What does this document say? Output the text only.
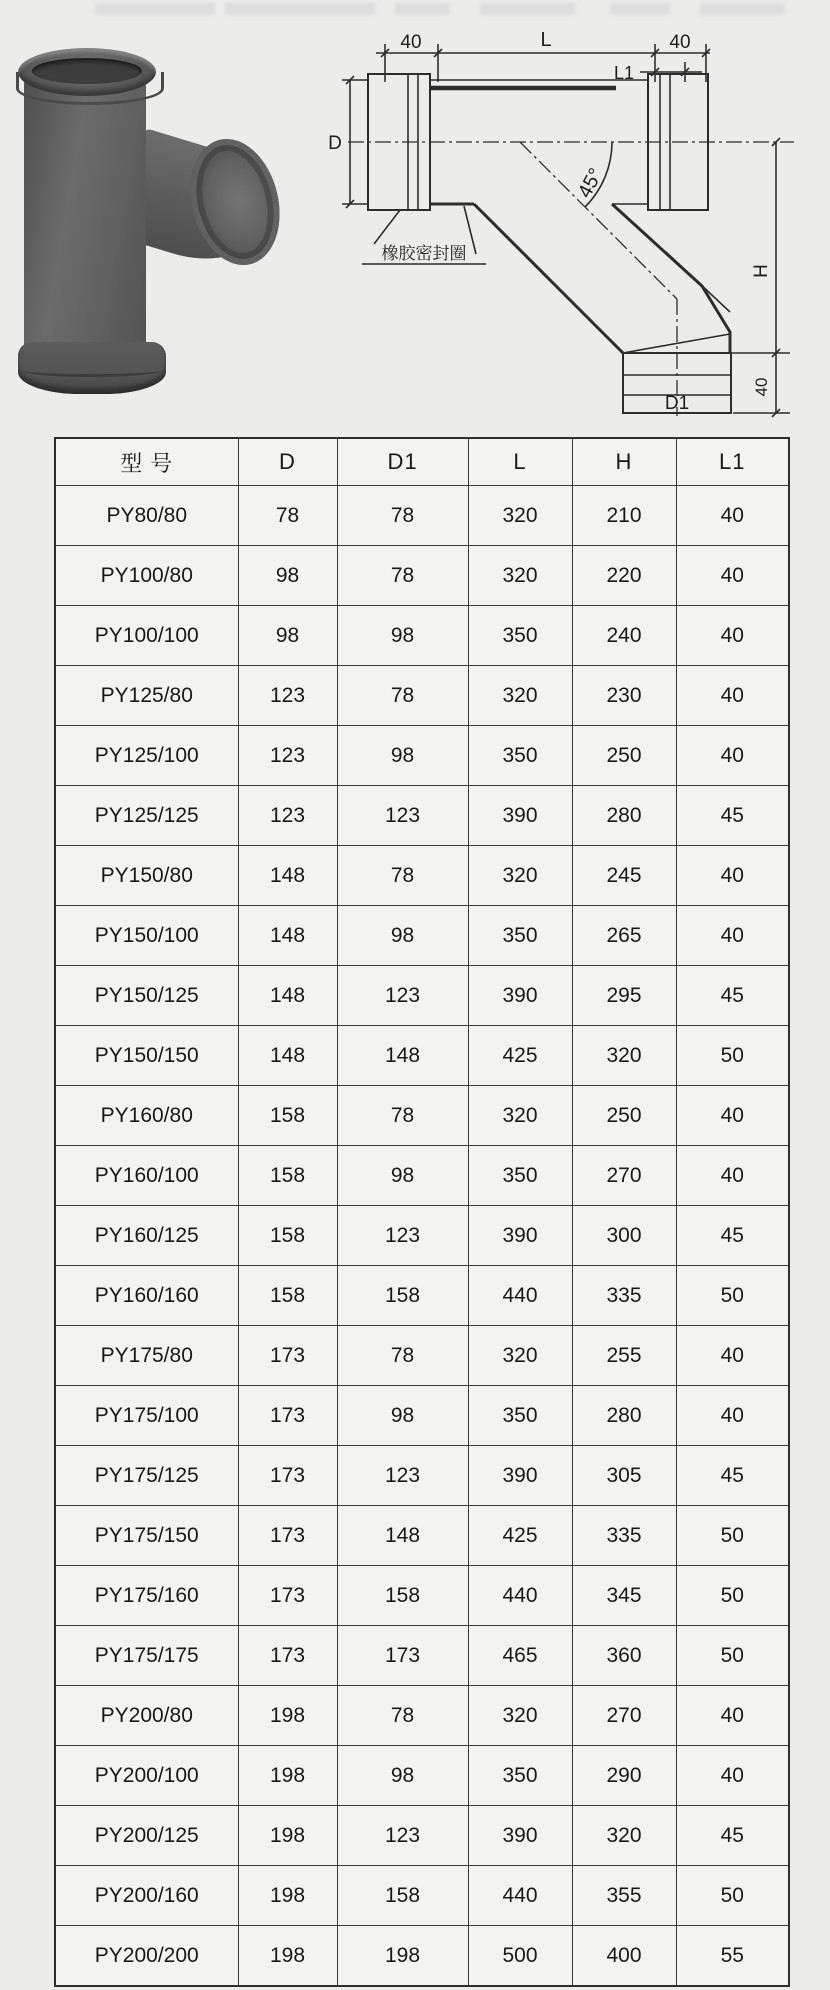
40	L	40
L1
D
45°
H
40
D1
橡胶密封圈
型 号	D	D1	L	H	L1
PY80/80	78	78	320	210	40
PY100/80	98	78	320	220	40
PY100/100	98	98	350	240	40
PY125/80	123	78	320	230	40
PY125/100	123	98	350	250	40
PY125/125	123	123	390	280	45
PY150/80	148	78	320	245	40
PY150/100	148	98	350	265	40
PY150/125	148	123	390	295	45
PY150/150	148	148	425	320	50
PY160/80	158	78	320	250	40
PY160/100	158	98	350	270	40
PY160/125	158	123	390	300	45
PY160/160	158	158	440	335	50
PY175/80	173	78	320	255	40
PY175/100	173	98	350	280	40
PY175/125	173	123	390	305	45
PY175/150	173	148	425	335	50
PY175/160	173	158	440	345	50
PY175/175	173	173	465	360	50
PY200/80	198	78	320	270	40
PY200/100	198	98	350	290	40
PY200/125	198	123	390	320	45
PY200/160	198	158	440	355	50
PY200/200	198	198	500	400	55
